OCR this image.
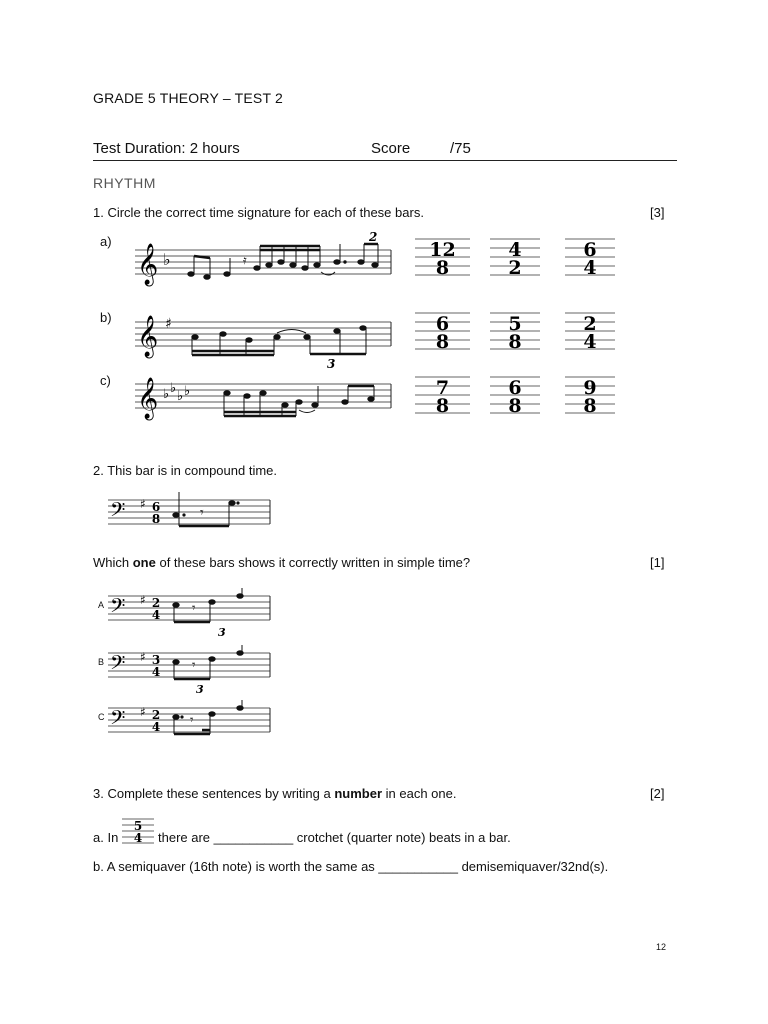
GRADE 5 THEORY – TEST 2
Test Duration: 2 hours	Score	/75
RHYTHM
1. Circle the correct time signature for each of these bars.	[3]
a)
b)
c)
𝄞 ♭	𝄿
2
𝄞 ♯
3
𝄞 ♭ ♭
♭ ♭
12
8
4
2
6
4
6
8
5
8
2
4
7
8
6
8
9
8
2. This bar is in compound time.
𝄢 ♯ 6
8	𝄾
Which one of these bars shows it correctly written in simple time?	[1]
A 𝄢 ♯ 2
4 𝄾
3
B 𝄢 ♯ 3
4 𝄾
3
C 𝄢 ♯ 2
4 𝄾
3. Complete these sentences by writing a number in each one.	[2]
a. In
5
4 there are ___________ crotchet (quarter note) beats in a bar.
b. A semiquaver (16th note) is worth the same as ___________ demisemiquaver/32nd(s).
12
